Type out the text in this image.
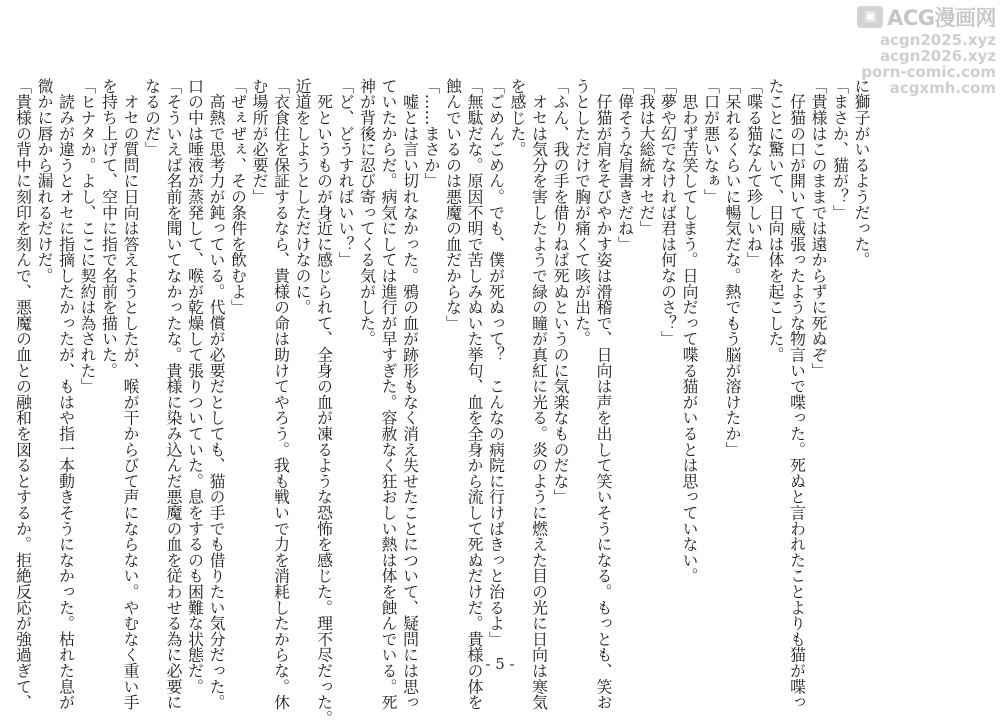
▣ ACG漫画网
acgn2025.xyz
acgn2026.xyz
porn-comic.com
acgxmh.com
に獅子がいるようだった。
「まさか、猫が？」
「貴様はこのままでは遠からずに死ぬぞ」
　仔猫の口が開いて威張ったような物言いで喋った。死ぬと言われたことよりも猫が喋っ
たことに驚いて、日向は体を起こした。
「喋る猫なんて珍しいね」
「呆れるくらいに暢気だな。熱でもう脳が溶けたか」
「口が悪いなぁ」
　思わず苦笑してしまう。日向だって喋る猫がいるとは思っていない。
「夢や幻でなければ君は何なのさ？」
「我は大総統オセだ」
「偉そうな肩書きだね」
　仔猫が肩をそびやかす姿は滑稽で、日向は声を出して笑いそうになる。もっとも、笑お
うとしただけで胸が痛くて咳が出た。
「ふん、我の手を借りねば死ぬというのに気楽なものだな」
　オセは気分を害したようで緑の瞳が真紅に光る。炎のように燃えた目の光に日向は寒気
を感じた。
「ごめんごめん。でも、僕が死ぬって？　こんなの病院に行けばきっと治るよ」
「無駄だな。原因不明で苦しみぬいた挙句、血を全身から流して死ぬだけだ。貴様の体を
蝕んでいるのは悪魔の血だからな」
「……まさか」
　嘘とは言い切れなかった。鴉の血が跡形もなく消え失せたことについて、疑問には思っ
ていたからだ。病気にしては進行が早すぎた。容赦なく狂おしい熱は体を蝕んでいる。死
神が背後に忍び寄ってくる気がした。
「ど、どうすればいい？」
　死というものが身近に感じられて、全身の血が凍るような恐怖を感じた。理不尽だった。
近道をしようとしただけなのに。
「衣食住を保証するなら、貴様の命は助けてやろう。我も戦いで力を消耗したからな。休
む場所が必要だ」
「ぜぇぜぇ、その条件を飲むよ」
　高熱で思考力が鈍っている。代償が必要だとしても、猫の手でも借りたい気分だった。
口の中は唾液が蒸発して、喉が乾燥して張りついていた。息をするのも困難な状態だ。
「そういえば名前を聞いてなかったな。貴様に染み込んだ悪魔の血を従わせる為に必要に
なるのだ」
　オセの質問に日向は答えようとしたが、喉が干からびて声にならない。やむなく重い手
を持ち上げて、空中に指で名前を描いた。
「ヒナタか。よし、ここに契約は為された」
　読みが違うとオセに指摘したかったが、もはや指一本動きそうになかった。枯れた息が
微かに唇から漏れるだけだ。
「貴様の背中に刻印を刻んで、悪魔の血との融和を図るとするか。拒絶反応が強過ぎて、	- 5 -
